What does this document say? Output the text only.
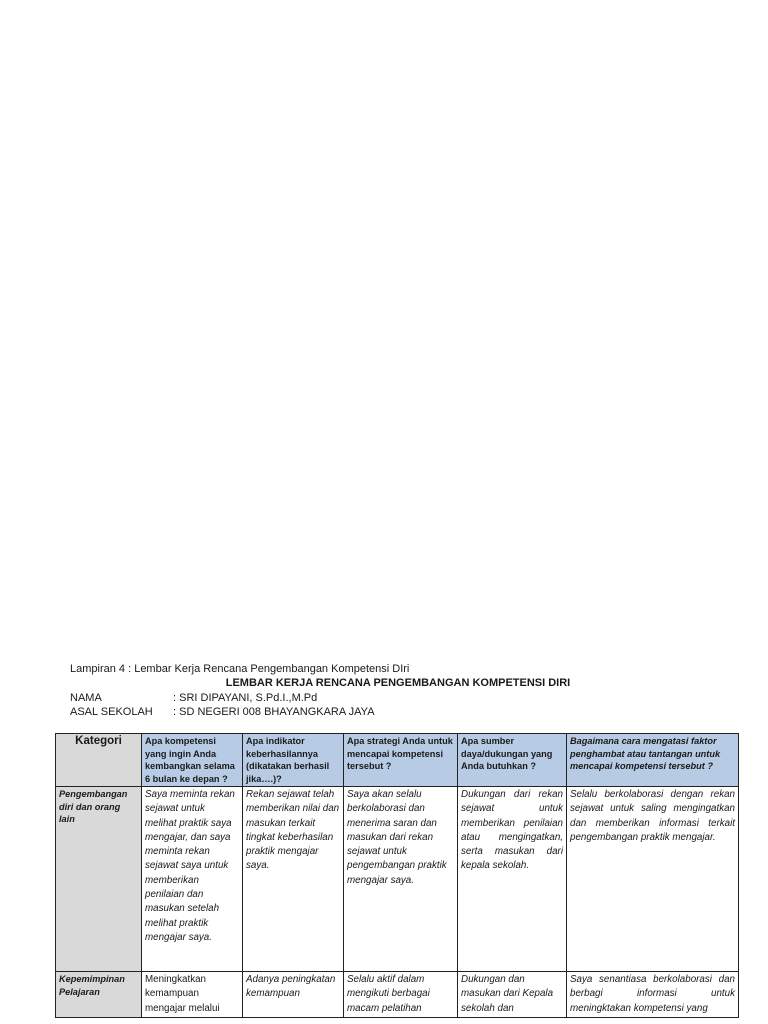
Lampiran 4 : Lembar Kerja Rencana Pengembangan Kompetensi DIri
LEMBAR KERJA RENCANA PENGEMBANGAN KOMPETENSI DIRI
NAMA	: SRI DIPAYANI, S.Pd.I.,M.Pd
ASAL SEKOLAH : SD NEGERI 008 BHAYANGKARA JAYA
Kategori	Apa kompetensi yang ingin Anda kembangkan selama 6 bulan ke depan ?	Apa indikator keberhasilannya (dikatakan berhasil jika….)?	Apa strategi Anda untuk mencapai kompetensi tersebut ?	Apa sumber daya/dukungan yang Anda butuhkan ?	Bagaimana cara mengatasi faktor penghambat atau tantangan untuk mencapai kompetensi tersebut ?
Pengembangan diri dan orang lain	Saya meminta rekan sejawat untuk melihat praktik saya mengajar, dan saya meminta rekan sejawat saya untuk memberikan penilaian dan masukan setelah melihat praktik mengajar saya.	Rekan sejawat telah memberikan nilai dan masukan terkait tingkat keberhasilan praktik mengajar saya.	Saya akan selalu berkolaborasi dan menerima saran dan masukan dari rekan sejawat untuk pengembangan praktik mengajar saya.	Dukungan dari rekan sejawat untuk memberikan penilaian atau mengingatkan, serta masukan dari kepala sekolah.	Selalu berkolaborasi dengan rekan sejawat untuk saling mengingatkan dan memberikan informasi terkait pengembangan praktik mengajar.
Kepemimpinan Pelajaran	Meningkatkan kemampuan mengajar melalui	Adanya peningkatan kemampuan	Selalu aktif dalam mengikuti berbagai macam pelatihan	Dukungan dan masukan dari Kepala sekolah dan	Saya senantiasa berkolaborasi dan berbagi informasi untuk meningktakan kompetensi yang
